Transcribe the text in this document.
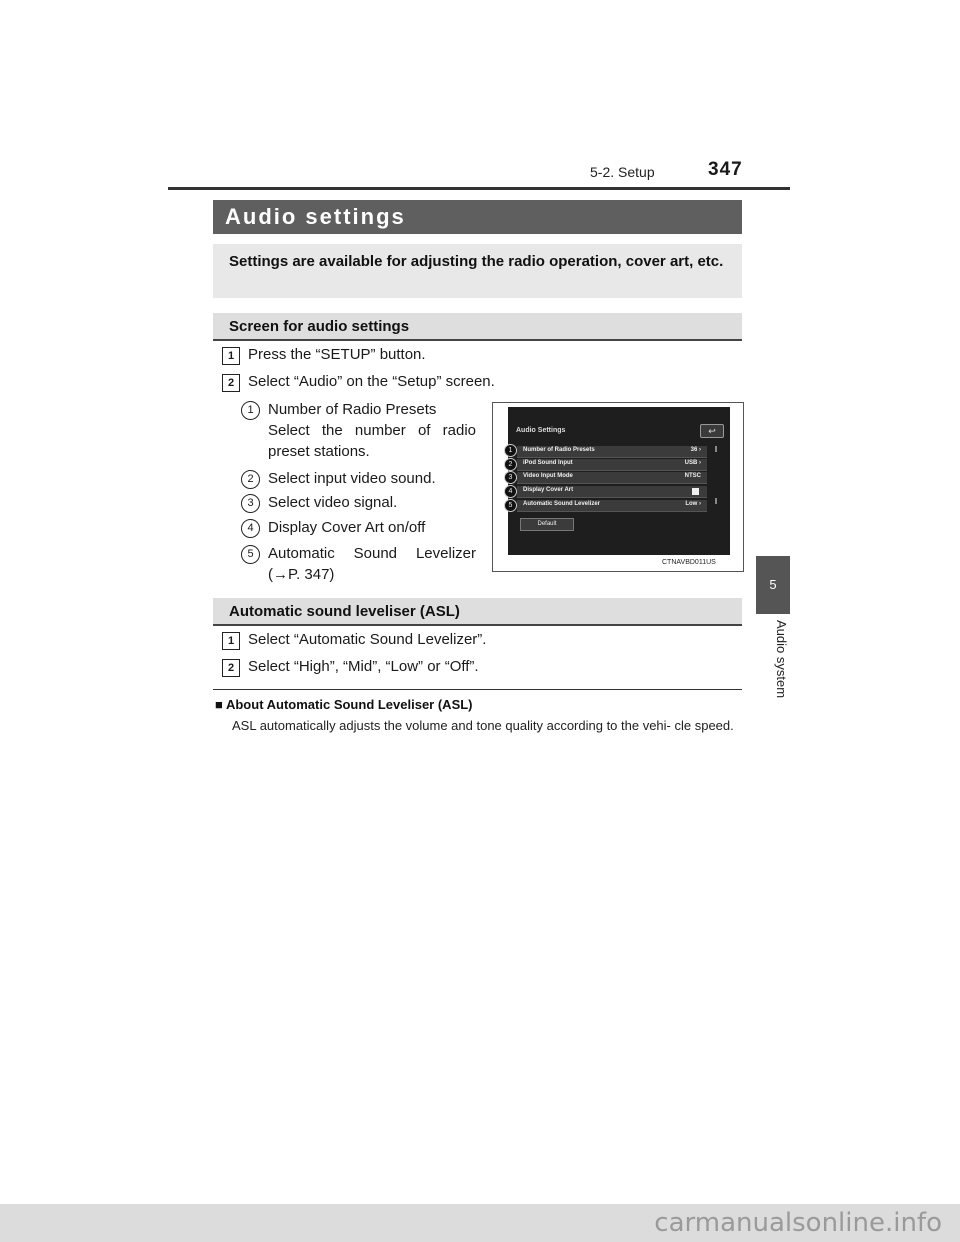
5-2. Setup	347
5
Audio system
Audio settings
Settings are available for adjusting the radio operation, cover art, etc.
Screen for audio settings
1 Press the “SETUP” button.
2 Select “Audio” on the “Setup” screen.
1 Number of Radio Presets
Select the number of radio
preset stations.
2 Select input video sound.
3 Select video signal.
4 Display Cover Art on/off
5 Automatic Sound Levelizer
(→P. 347)
Audio Settings	↩
Number of Radio Presets	36 ›
iPod Sound Input	USB ›
Video Input Mode	NTSC
Display Cover Art
Automatic Sound Levelizer	Low ›
1
2
3
4
5
Default
CTNAVBD011US
Automatic sound leveliser (ASL)
1 Select “Automatic Sound Levelizer”.
2 Select “High”, “Mid”, “Low” or “Off”.
■ About Automatic Sound Leveliser (ASL)
ASL automatically adjusts the volume and tone quality according to the vehi- cle speed.
carmanualsonline.info
